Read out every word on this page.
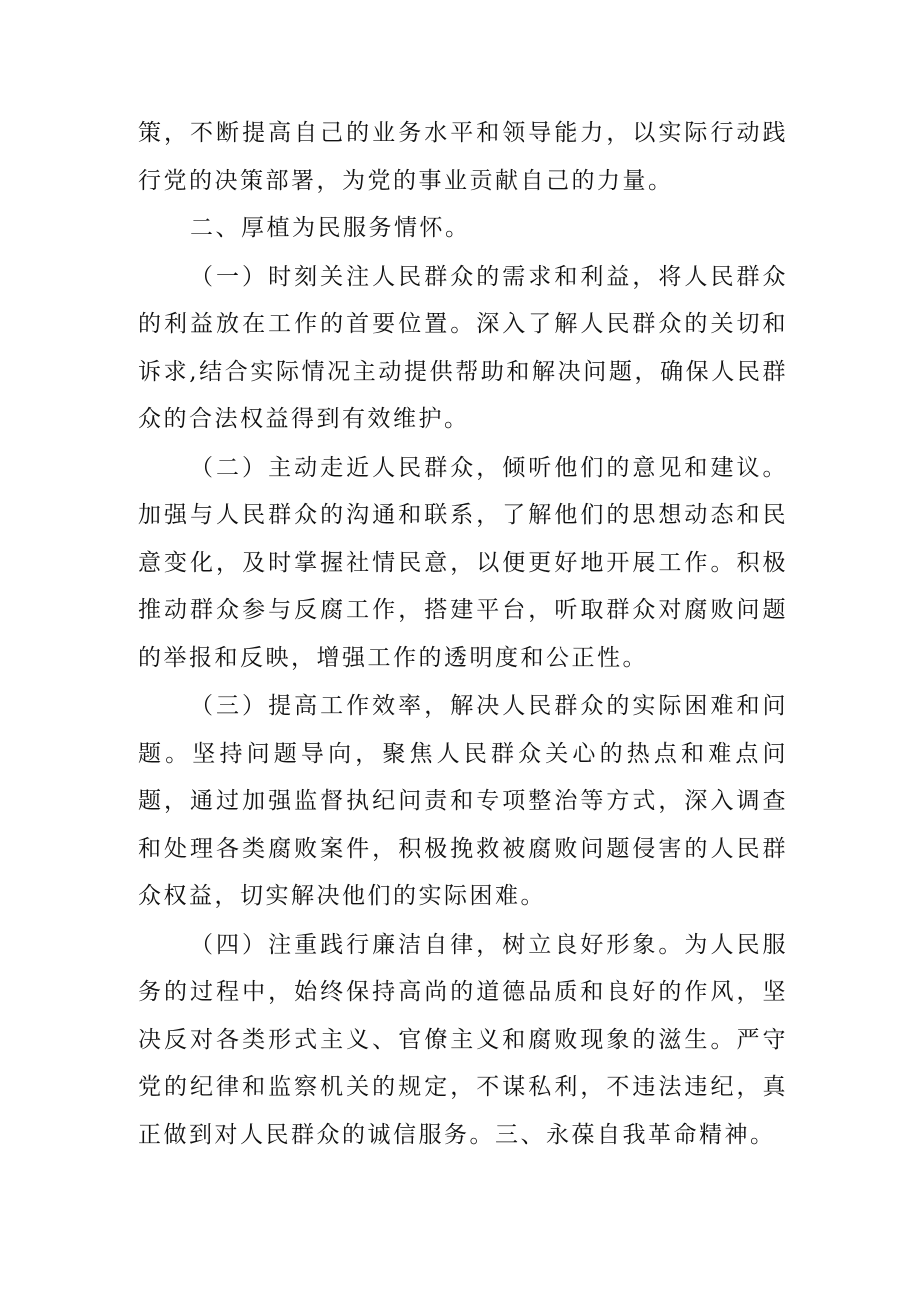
策，不断提高自己的业务水平和领导能力，以实际行动践行党的决策部署，为党的事业贡献自己的力量。

二、厚植为民服务情怀。

（一）时刻关注人民群众的需求和利益，将人民群众的利益放在工作的首要位置。深入了解人民群众的关切和诉求,结合实际情况主动提供帮助和解决问题，确保人民群众的合法权益得到有效维护。

（二）主动走近人民群众，倾听他们的意见和建议。加强与人民群众的沟通和联系，了解他们的思想动态和民意变化，及时掌握社情民意，以便更好地开展工作。积极推动群众参与反腐工作，搭建平台，听取群众对腐败问题的举报和反映，增强工作的透明度和公正性。

（三）提高工作效率，解决人民群众的实际困难和问题。坚持问题导向，聚焦人民群众关心的热点和难点问题，通过加强监督执纪问责和专项整治等方式，深入调查和处理各类腐败案件，积极挽救被腐败问题侵害的人民群众权益，切实解决他们的实际困难。

（四）注重践行廉洁自律，树立良好形象。为人民服务的过程中，始终保持高尚的道德品质和良好的作风，坚决反对各类形式主义、官僚主义和腐败现象的滋生。严守党的纪律和监察机关的规定，不谋私利，不违法违纪，真正做到对人民群众的诚信服务。三、永葆自我革命精神。
